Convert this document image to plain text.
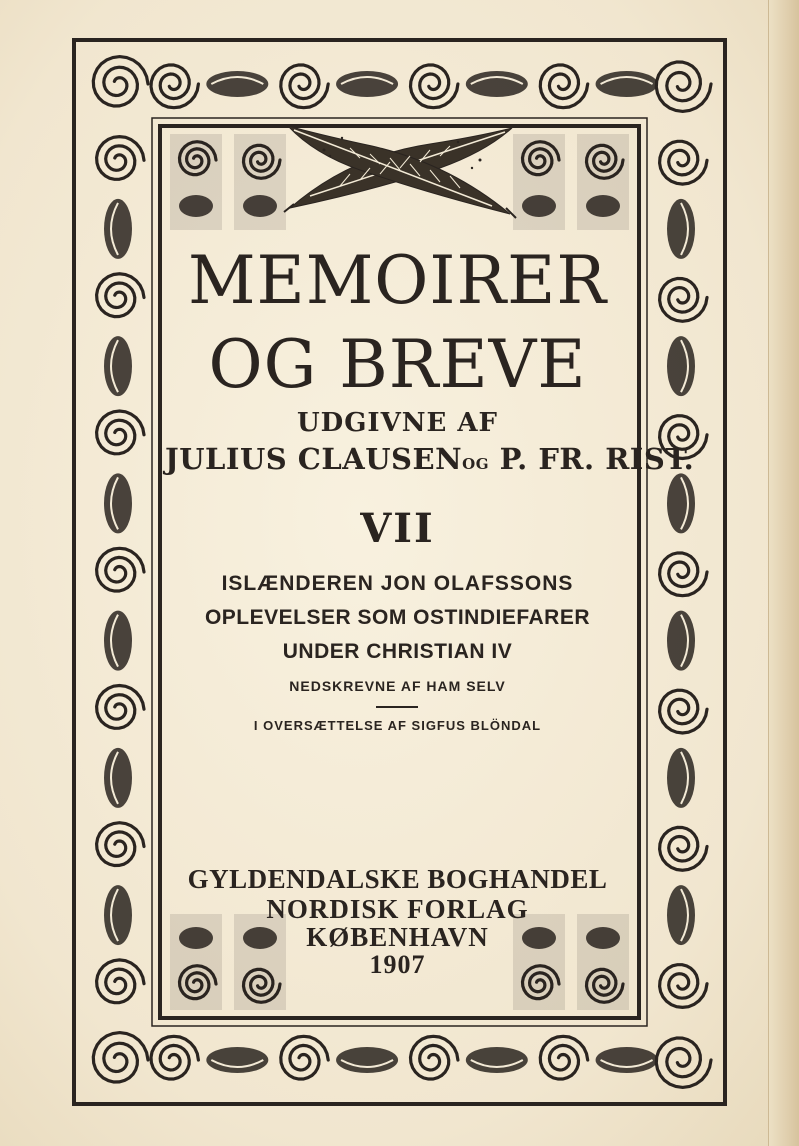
MEMOIRER
OG BREVE
UDGIVNE AF
JULIUS CLAUSENOG P. FR. RIST.
VII
ISLÆNDEREN JON OLAFSSONS
OPLEVELSER SOM OSTINDIEFARER
UNDER CHRISTIAN IV
NEDSKREVNE AF HAM SELV
I OVERSÆTTELSE AF SIGFUS BLÖNDAL
GYLDENDALSKE BOGHANDEL
NORDISK FORLAG
KØBENHAVN
1907
